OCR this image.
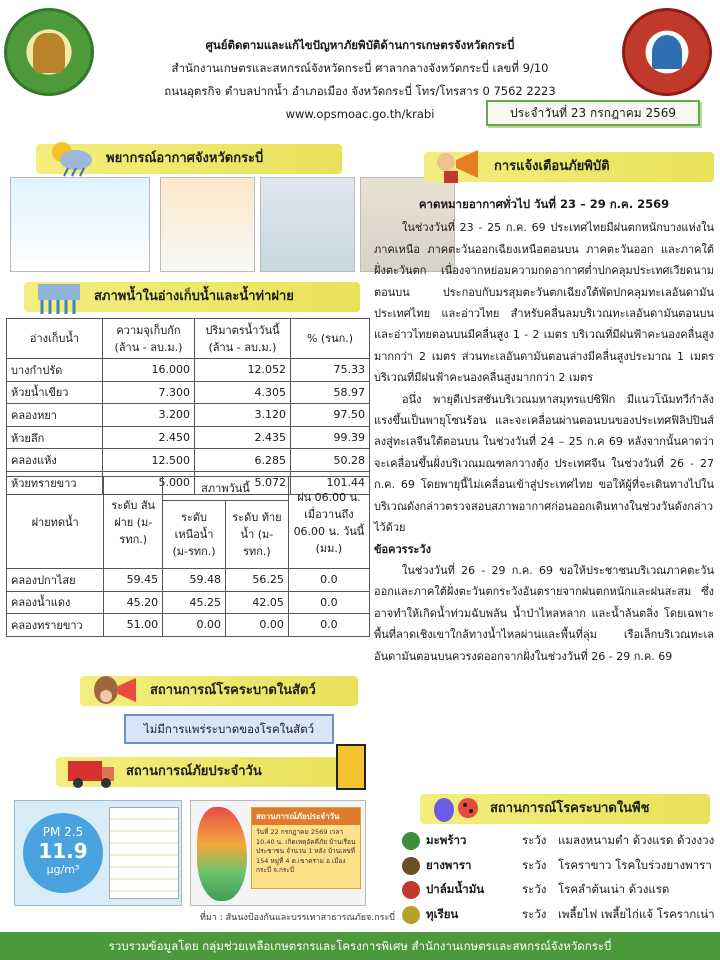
ศูนย์ติดตามและแก้ไขปัญหาภัยพิบัติด้านการเกษตรจังหวัดกระบี่
สำนักงานเกษตรและสหกรณ์จังหวัดกระบี่ ศาลากลางจังหวัดกระบี่ เลขที่ 9/10
ถนนอุตรกิจ ตำบลปากน้ำ อำเภอเมือง จังหวัดกระบี่ โทร/โทรสาร 0 7562 2223
www.opsmoac.go.th/krabi	ประจำวันที่ 23 กรกฎาคม 2569
พยากรณ์อากาศจังหวัดกระบี่
สภาพน้ำในอ่างเก็บน้ำและน้ำท่าฝาย
อ่างเก็บน้ำ	ความจุเก็บกัก (ล้าน - ลบ.ม.)	ปริมาตรน้ำวันนี้ (ล้าน - ลบ.ม.)	% (รนก.)
บางกำปรัด	16.000	12.052	75.33
ห้วยน้ำเขียว	7.300	4.305	58.97
คลองหยา	3.200	3.120	97.50
ห้วยลึก	2.450	2.435	99.39
คลองแห้ง	12.500	6.285	50.28
ห้วยทรายขาว	5.000	5.072	101.44
ฝายทดน้ำ	ระดับ สันฝาย (ม-รทก.)	สภาพวันนี้		ฝน 06.00 น. เมื่อวานถึง 06.00 น. วันนี้ (มม.)
		ระดับ เหนือน้ำ (ม-รทก.)	ระดับ ท้ายน้ำ (ม-รทก.)	
คลองปกาไสย	59.45	59.48	56.25	0.0
คลองน้ำแดง	45.20	45.25	42.05	0.0
คลองทรายขาว	51.00	0.00	0.00	0.0
การแจ้งเตือนภัยพิบัติ
คาดหมายอากาศทั่วไป วันที่ 23 – 29 ก.ค. 2569

ในช่วงวันที่ 23 - 25 ก.ค. 69 ประเทศไทยมีฝนตกหนักบางแห่งในภาคเหนือ ภาคตะวันออกเฉียงเหนือตอนบน ภาคตะวันออก และภาคใต้ฝั่งตะวันตก เนื่องจากหย่อมความกดอากาศต่ำปกคลุมประเทศเวียดนามตอนบน ประกอบกับมรสุมตะวันตกเฉียงใต้พัดปกคลุมทะเลอันดามัน ประเทศไทย และอ่าวไทย สำหรับคลื่นลมบริเวณทะเลอันดามันตอนบนและอ่าวไทยตอนบนมีคลื่นสูง 1 - 2 เมตร บริเวณที่มีฝนฟ้าคะนองคลื่นสูงมากกว่า 2 เมตร ส่วนทะเลอันดามันตอนล่างมีคลื่นสูงประมาณ 1 เมตร บริเวณที่มีฝนฟ้าคะนองคลื่นสูงมากกว่า 2 เมตร

อนึ่ง พายุดีเปรสชันบริเวณมหาสมุทรแปซิฟิก มีแนวโน้มทวีกำลังแรงขึ้นเป็นพายุโซนร้อน และจะเคลื่อนผ่านตอนบนของประเทศฟิลิปปินส์ลงสู่ทะเลจีนใต้ตอนบน ในช่วงวันที่ 24 – 25 ก.ค 69 หลังจากนั้นคาดว่าจะเคลื่อนขึ้นฝั่งบริเวณมณฑลกวางตุ้ง ประเทศจีน ในช่วงวันที่ 26 - 27 ก.ค. 69 โดยพายุนี้ไม่เคลื่อนเข้าสู่ประเทศไทย ขอให้ผู้ที่จะเดินทางไปในบริเวณดังกล่าวตรวจสอบสภาพอากาศก่อนออกเดินทางในช่วงวันดังกล่าวไว้ด้วย

ข้อควรระวัง

ในช่วงวันที่ 26 - 29 ก.ค. 69 ขอให้ประชาชนบริเวณภาคตะวันออกและภาคใต้ฝั่งตะวันตกระวังอันตรายจากฝนตกหนักและฝนสะสม ซึ่งอาจทำให้เกิดน้ำท่วมฉับพลัน น้ำป่าไหลหลาก และน้ำล้นตลิ่ง โดยเฉพาะพื้นที่ลาดเชิงเขาใกล้ทางน้ำไหลผ่านและพื้นที่ลุ่ม เรือเล็กบริเวณทะเลอันดามันตอนบนควรงดออกจากฝั่งในช่วงวันที่ 26 - 29 ก.ค. 69

สถานการณ์โรคระบาดในสัตว์
ไม่มีการแพร่ระบาดของโรคในสัตว์
สถานการณ์ภัยประจำวัน
PM 2.5
11.9
μg/m³
สถานการณ์ภัยประจำวัน
วันที่ 22 กรกฎาคม 2569 เวลา 10.40 น. เกิดเหตุอัคคีภัย บ้านเรือนประชาชน จำนวน 1 หลัง บ้านเลขที่ 154 หมู่ที่ 4 ต.เขาคราม อ.เมืองกระบี่ จ.กระบี่
ที่มา : สันนงป้องกันและบรรเทาสาธารณภัยจ.กระบี่
สถานการณ์โรคระบาดในพืช
มะพร้าว	ระวัง แมลงหนามดำ ด้วงแรด ด้วงงวง
ยางพารา	ระวัง โรคราขาว โรคใบร่วงยางพารา
ปาล์มน้ำมัน	ระวัง โรคลำต้นเน่า ด้วงแรด
ทุเรียน	ระวัง เพลี้ยไฟ เพลี้ยไก่แจ้ โรครากเน่า
รวบรวมข้อมูลโดย กลุ่มช่วยเหลือเกษตรกรและโครงการพิเศษ สำนักงานเกษตรและสหกรณ์จังหวัดกระบี่
